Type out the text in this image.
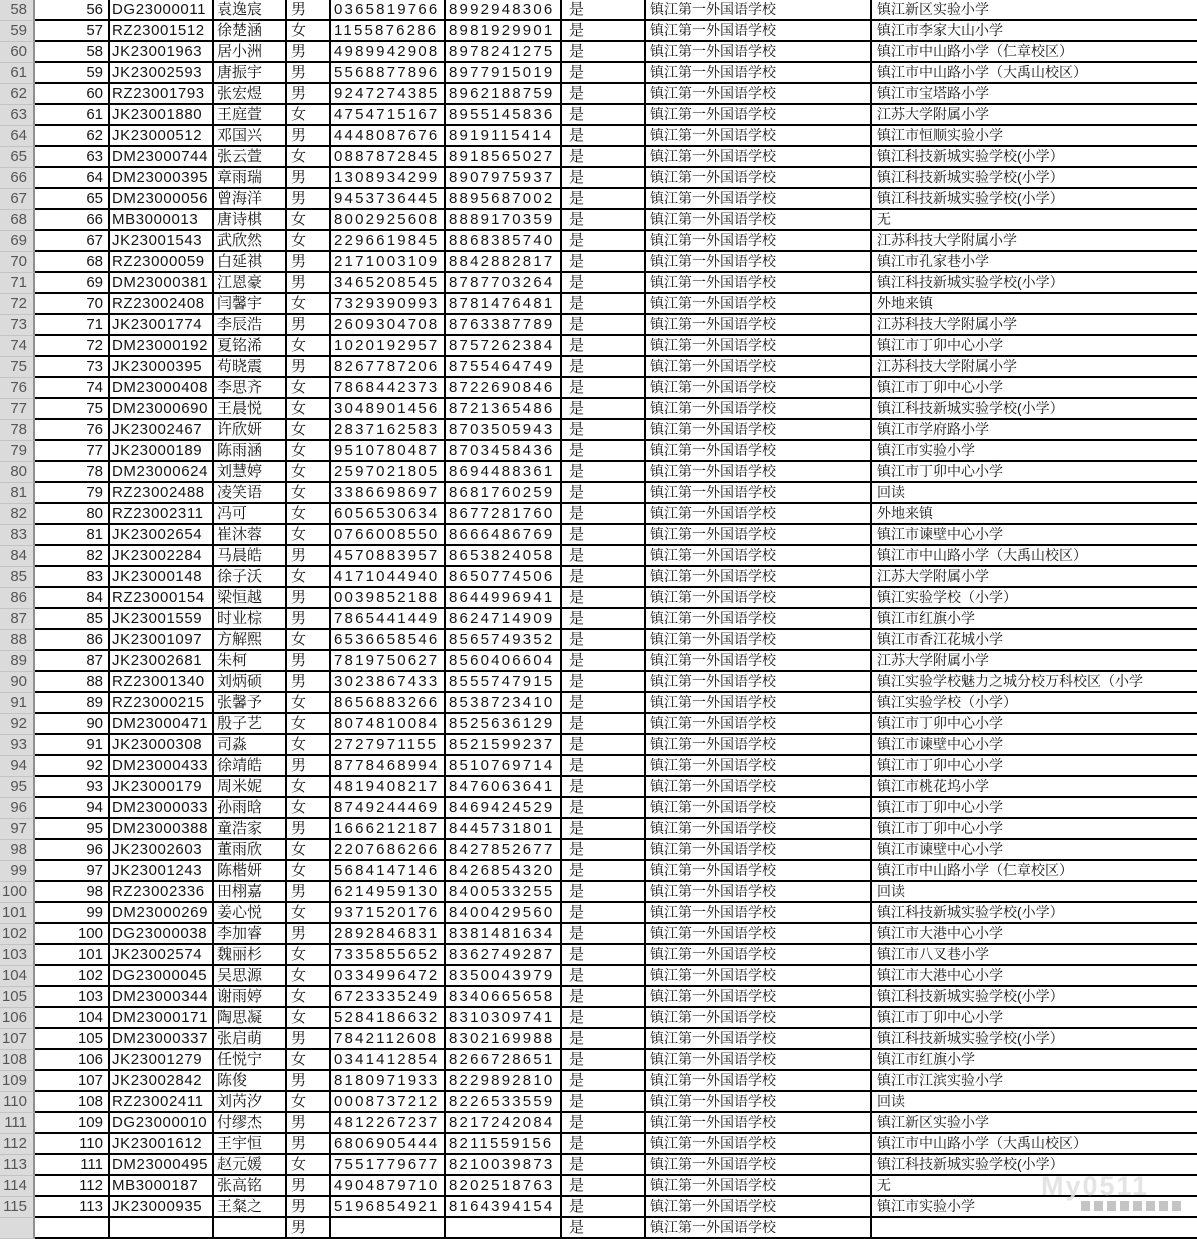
58	56 DG23000011 袁逸宸	男	0365819766 8992948306 是	镇江第一外国语学校	镇江新区实验小学
59	57 RZ23001512 徐楚涵	女	1155876286 8981929901 是	镇江第一外国语学校	镇江市李家大山小学
60	58 JK23001963 居小洲	男	4989942908 8978241275 是	镇江第一外国语学校	镇江市中山路小学（仁章校区）
61	59 JK23002593 唐振宇	男	5568877896 8977915019 是	镇江第一外国语学校	镇江市中山路小学（大禹山校区）
62	60 RZ23001793 张宏煜	男	9247274385 8962188759 是	镇江第一外国语学校	镇江市宝塔路小学
63	61 JK23001880 王庭萱	女	4754715167 8955145836 是	镇江第一外国语学校	江苏大学附属小学
64	62 JK23000512 邓国兴	男	4448087676 8919115414	是	镇江第一外国语学校	镇江市恒顺实验小学
65	63 DM23000744 张云萱	女	0887872845 8918565027 是	镇江第一外国语学校	镇江科技新城实验学校(小学）
66	64 DM23000395 章雨瑞	男	1308934299 8907975937 是	镇江第一外国语学校	镇江科技新城实验学校(小学）
67	65 DM23000056 曾海洋	男	9453736445 8895687002 是	镇江第一外国语学校	镇江科技新城实验学校(小学）
68	66 MB3000013	唐诗棋	女	8002925608 8889170359 是	镇江第一外国语学校	无
69	67 JK23001543 武欣然	女	2296619845 8868385740 是	镇江第一外国语学校	江苏科技大学附属小学
70	68 RZ23000059 白延祺	男	2171003109 8842882817 是	镇江第一外国语学校	镇江市孔家巷小学
71	69 DM23000381 江恩豪	男	3465208545 8787703264 是	镇江第一外国语学校	镇江科技新城实验学校(小学）
72	70 RZ23002408 闫馨宇	女	7329390993 8781476481 是	镇江第一外国语学校	外地来镇
73	71 JK23001774 李辰浩	男	2609304708 8763387789 是	镇江第一外国语学校	江苏科技大学附属小学
74	72 DM23000192 夏铭浠	女	1020192957 8757262384 是	镇江第一外国语学校	镇江市丁卯中心小学
75	73 JK23000395 苟晓震	男	8267787206 8755464749 是	镇江第一外国语学校	江苏科技大学附属小学
76	74 DM23000408 李思齐	女	7868442373 8722690846 是	镇江第一外国语学校	镇江市丁卯中心小学
77	75 DM23000690 王晨悦	女	3048901456 8721365486 是	镇江第一外国语学校	镇江科技新城实验学校(小学）
78	76 JK23002467 许欣妍	女	2837162583 8703505943 是	镇江第一外国语学校	镇江市学府路小学
79	77 JK23000189 陈雨涵	女	9510780487 8703458436 是	镇江第一外国语学校	镇江市实验小学
80	78 DM23000624 刘慧婷	女	2597021805 8694488361 是	镇江第一外国语学校	镇江市丁卯中心小学
81	79 RZ23002488 凌笑语	女	3386698697 8681760259 是	镇江第一外国语学校	回读
82	80 RZ23002311 冯可	女	6056530634 8677281760 是	镇江第一外国语学校	外地来镇
83	81 JK23002654 崔沐蓉	女	0766008550 8666486769 是	镇江第一外国语学校	镇江市谏壁中心小学
84	82 JK23002284 马晨皓	男	4570883957 8653824058 是	镇江第一外国语学校	镇江市中山路小学（大禹山校区）
85	83 JK23000148 徐子沃	女	4171044940 8650774506 是	镇江第一外国语学校	江苏大学附属小学
86	84 RZ23000154 梁恒越	男	0039852188 8644996941 是	镇江第一外国语学校	镇江实验学校（小学）
87	85 JK23001559 时业棕	男	7865441449 8624714909 是	镇江第一外国语学校	镇江市红旗小学
88	86 JK23001097 方解熙	女	6536658546 8565749352 是	镇江第一外国语学校	镇江市香江花城小学
89	87 JK23002681 朱柯	男	7819750627 8560406604 是	镇江第一外国语学校	江苏大学附属小学
90	88 RZ23001340 刘炳硕	男	3023867433 8555747915 是	镇江第一外国语学校	镇江实验学校魅力之城分校万科校区（小学
91	89 RZ23000215 张馨予	女	8656883266 8538723410 是	镇江第一外国语学校	镇江实验学校（小学）
92	90 DM23000471 殷子艺	女	8074810084 8525636129 是	镇江第一外国语学校	镇江市丁卯中心小学
93	91 JK23000308 司淼	女	2727971155 8521599237 是	镇江第一外国语学校	镇江市谏壁中心小学
94	92 DM23000433 徐靖皓	男	8778468994 8510769714 是	镇江第一外国语学校	镇江市丁卯中心小学
95	93 JK23000179 周米妮	女	4819408217 8476063641 是	镇江第一外国语学校	镇江市桃花坞小学
96	94 DM23000033 孙雨晗	女	8749244469 8469424529 是	镇江第一外国语学校	镇江市丁卯中心小学
97	95 DM23000388 童浩家	男	1666212187 8445731801 是	镇江第一外国语学校	镇江市丁卯中心小学
98	96 JK23002603 董雨欣	女	2207686266 8427852677 是	镇江第一外国语学校	镇江市谏壁中心小学
99	97 JK23001243 陈楷妍	女	5684147146 8426854320 是	镇江第一外国语学校	镇江市中山路小学（仁章校区）
100	98 RZ23002336 田栩嘉	男	6214959130 8400533255 是	镇江第一外国语学校	回读
101	99 DM23000269 姜心悦	女	9371520176 8400429560 是	镇江第一外国语学校	镇江科技新城实验学校(小学）
102	100 DG23000038 李加睿	男	2892846831 8381481634 是	镇江第一外国语学校	镇江市大港中心小学
103	101 JK23002574 魏丽杉	女	7335855652 8362749287 是	镇江第一外国语学校	镇江市八叉巷小学
104	102 DG23000045 吴思源	女	0334996472 8350043979 是	镇江第一外国语学校	镇江市大港中心小学
105	103 DM23000344 谢雨婷	女	6723335249 8340665658 是	镇江第一外国语学校	镇江科技新城实验学校(小学）
106	104 DM23000171 陶思凝	女	5284186632 8310309741 是	镇江第一外国语学校	镇江市丁卯中心小学
107	105 DM23000337 张启萌	男	7842112608 8302169988 是	镇江第一外国语学校	镇江科技新城实验学校(小学）
108	106 JK23001279 任悦宁	女	0341412854 8266728651 是	镇江第一外国语学校	镇江市红旗小学
109	107 JK23002842 陈俊	男	8180971933 8229892810 是	镇江第一外国语学校	镇江市江滨实验小学
110	108 RZ23002411 刘芮汐	女	0008737212 8226533559 是	镇江第一外国语学校	回读
111	109 DG23000010 付缪杰	男	4812267237 8217242084 是	镇江第一外国语学校	镇江新区实验小学
112	110 JK23001612 王宇恒	男	6806905444 8211559156	是	镇江第一外国语学校	镇江市中山路小学（大禹山校区）
113	111 DM23000495 赵元媛	女	7551779677 8210039873 是	镇江第一外国语学校	镇江科技新城实验学校(小学）
114	112 MB3000187	张高铭	男	4904879710 8202518763 是	镇江第一外国语学校	无
115	113 JK23000935 王粲之	男	5196854921 8164394154 是	镇江第一外国语学校	镇江市实验小学
男	是	镇江第一外国语学校
My0511
